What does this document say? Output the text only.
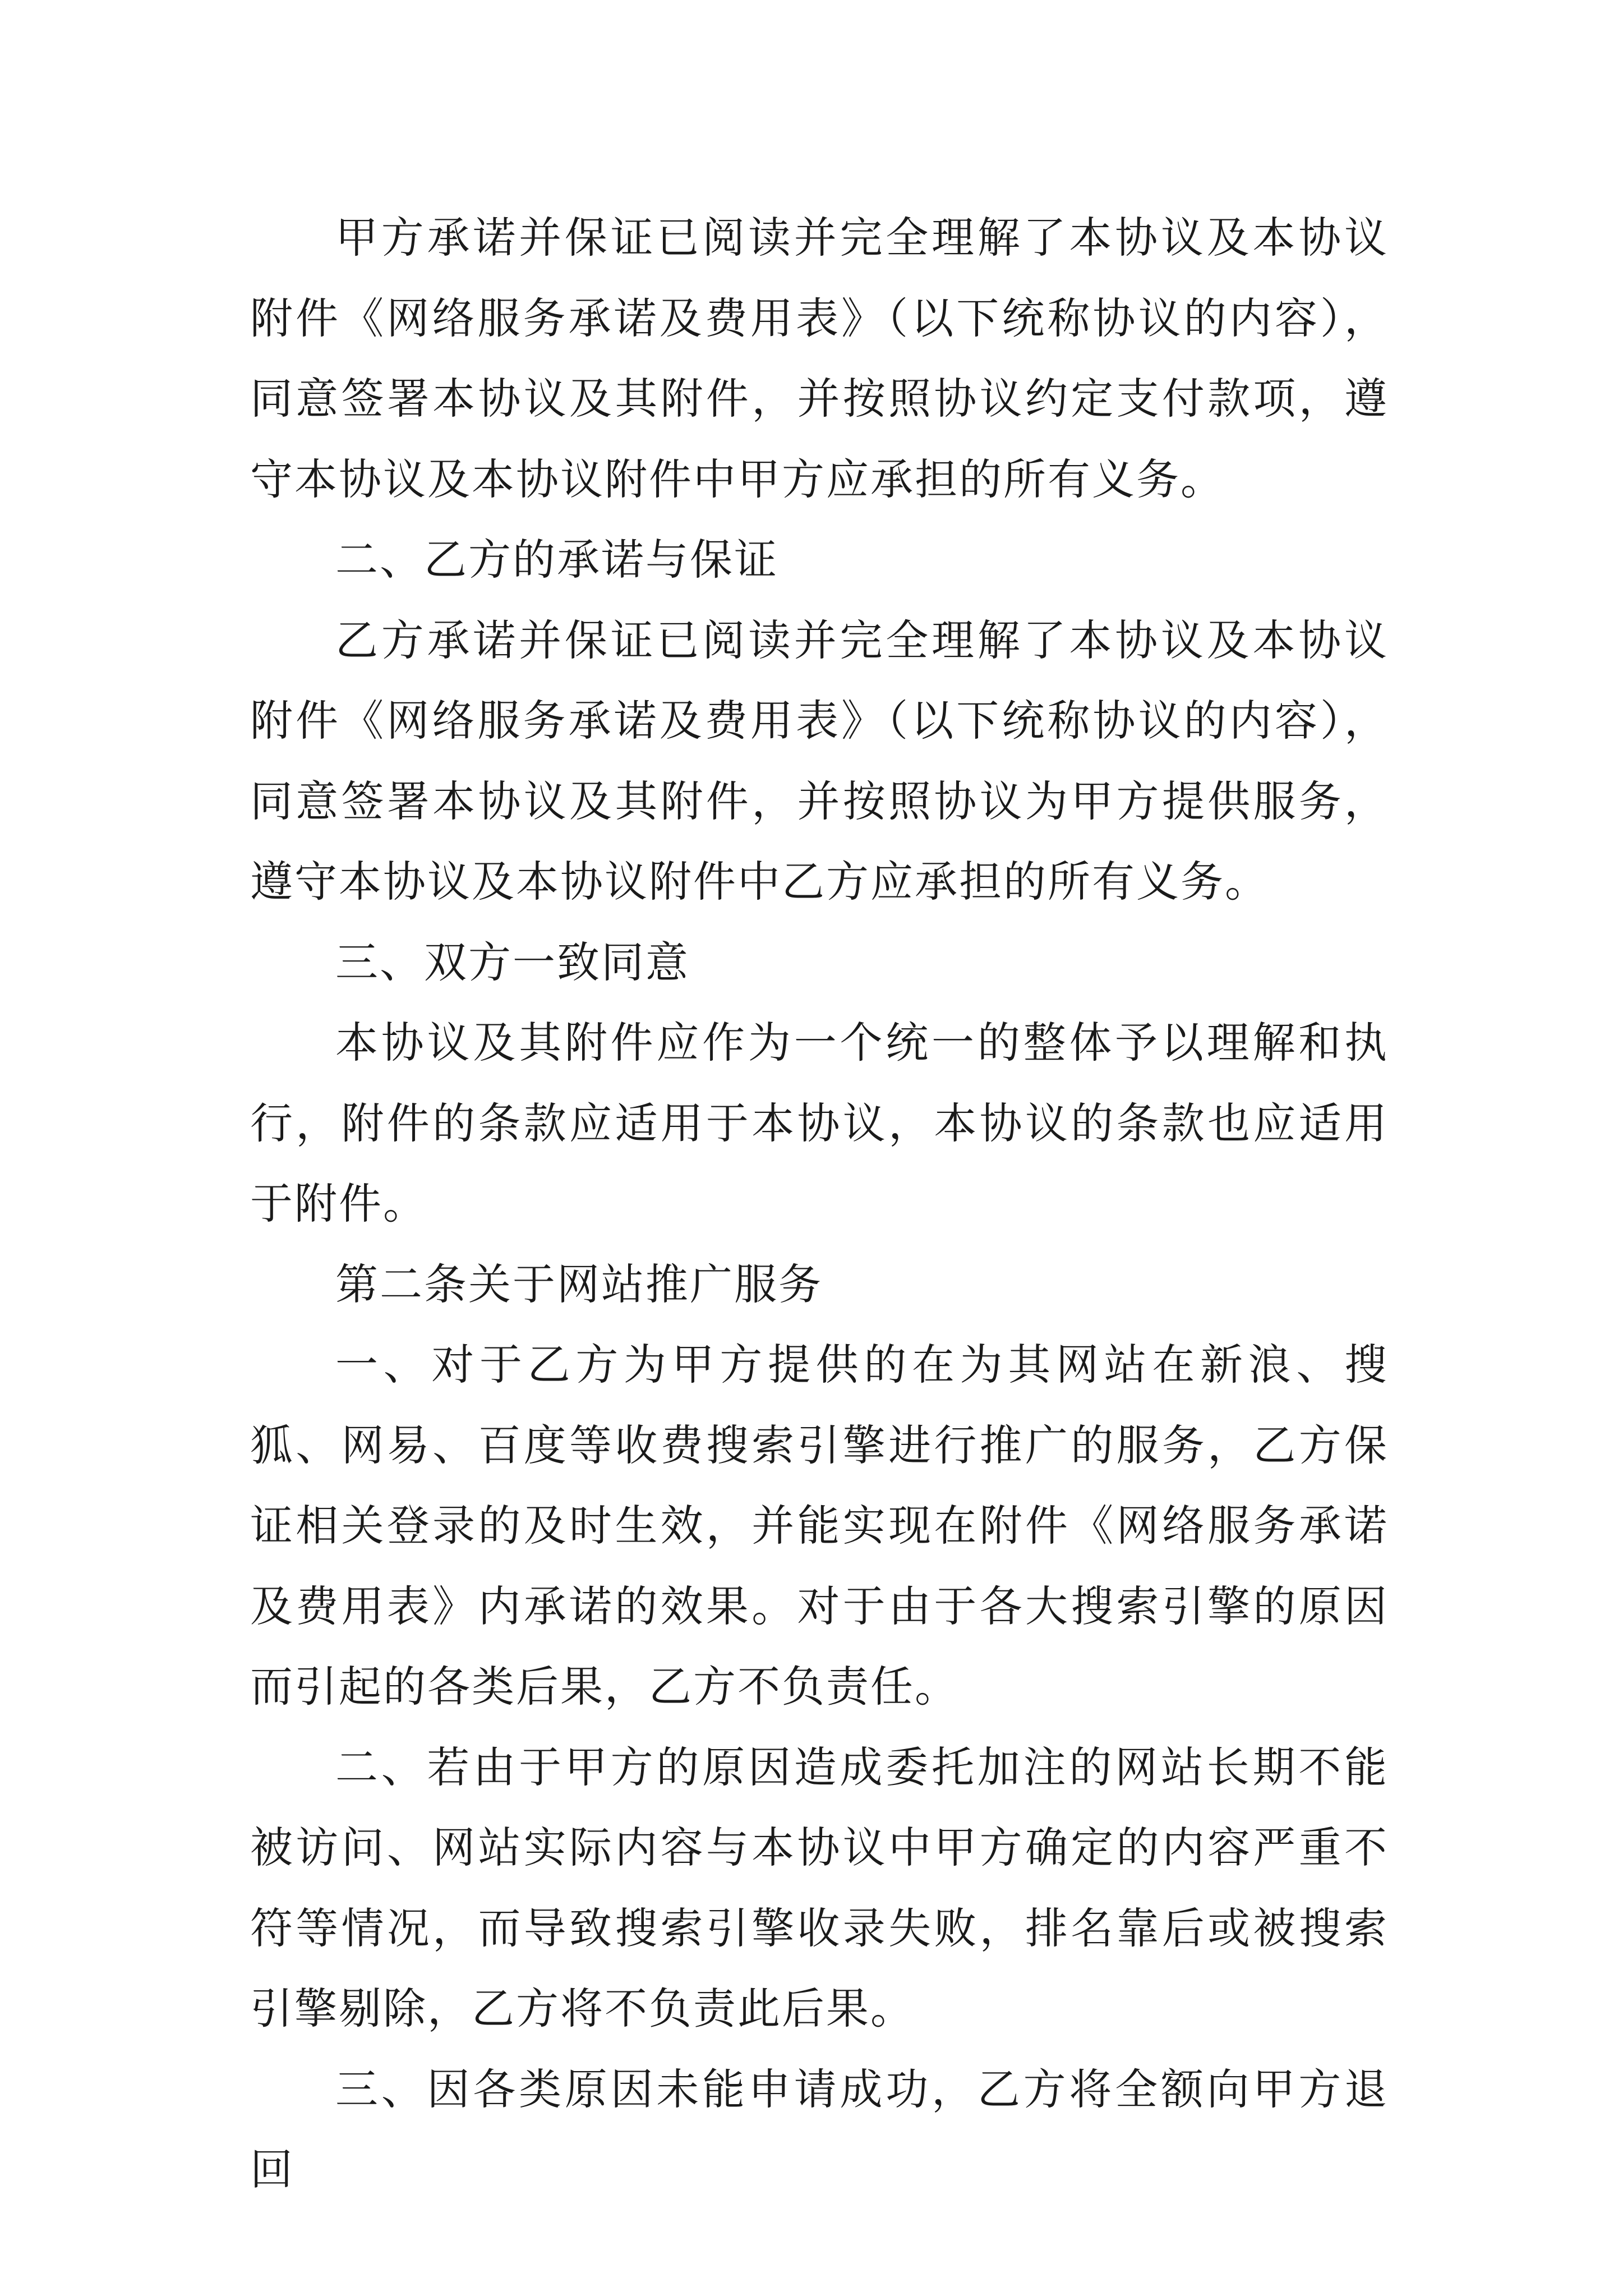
甲方承诺并保证已阅读并完全理解了本协议及本协议附件《网络服务承诺及费用表》（以下统称协议的内容），同意签署本协议及其附件，并按照协议约定支付款项，遵守本协议及本协议附件中甲方应承担的所有义务。

二、乙方的承诺与保证

乙方承诺并保证已阅读并完全理解了本协议及本协议附件《网络服务承诺及费用表》（以下统称协议的内容），同意签署本协议及其附件，并按照协议为甲方提供服务，遵守本协议及本协议附件中乙方应承担的所有义务。

三、双方一致同意

本协议及其附件应作为一个统一的整体予以理解和执行，附件的条款应适用于本协议，本协议的条款也应适用于附件。

第二条关于网站推广服务

一、对于乙方为甲方提供的在为其网站在新浪、搜狐、网易、百度等收费搜索引擎进行推广的服务，乙方保证相关登录的及时生效，并能实现在附件《网络服务承诺及费用表》内承诺的效果。对于由于各大搜索引擎的原因而引起的各类后果，乙方不负责任。

二、若由于甲方的原因造成委托加注的网站长期不能被访问、网站实际内容与本协议中甲方确定的内容严重不符等情况，而导致搜索引擎收录失败，排名靠后或被搜索引擎剔除，乙方将不负责此后果。

三、因各类原因未能申请成功，乙方将全额向甲方退回
